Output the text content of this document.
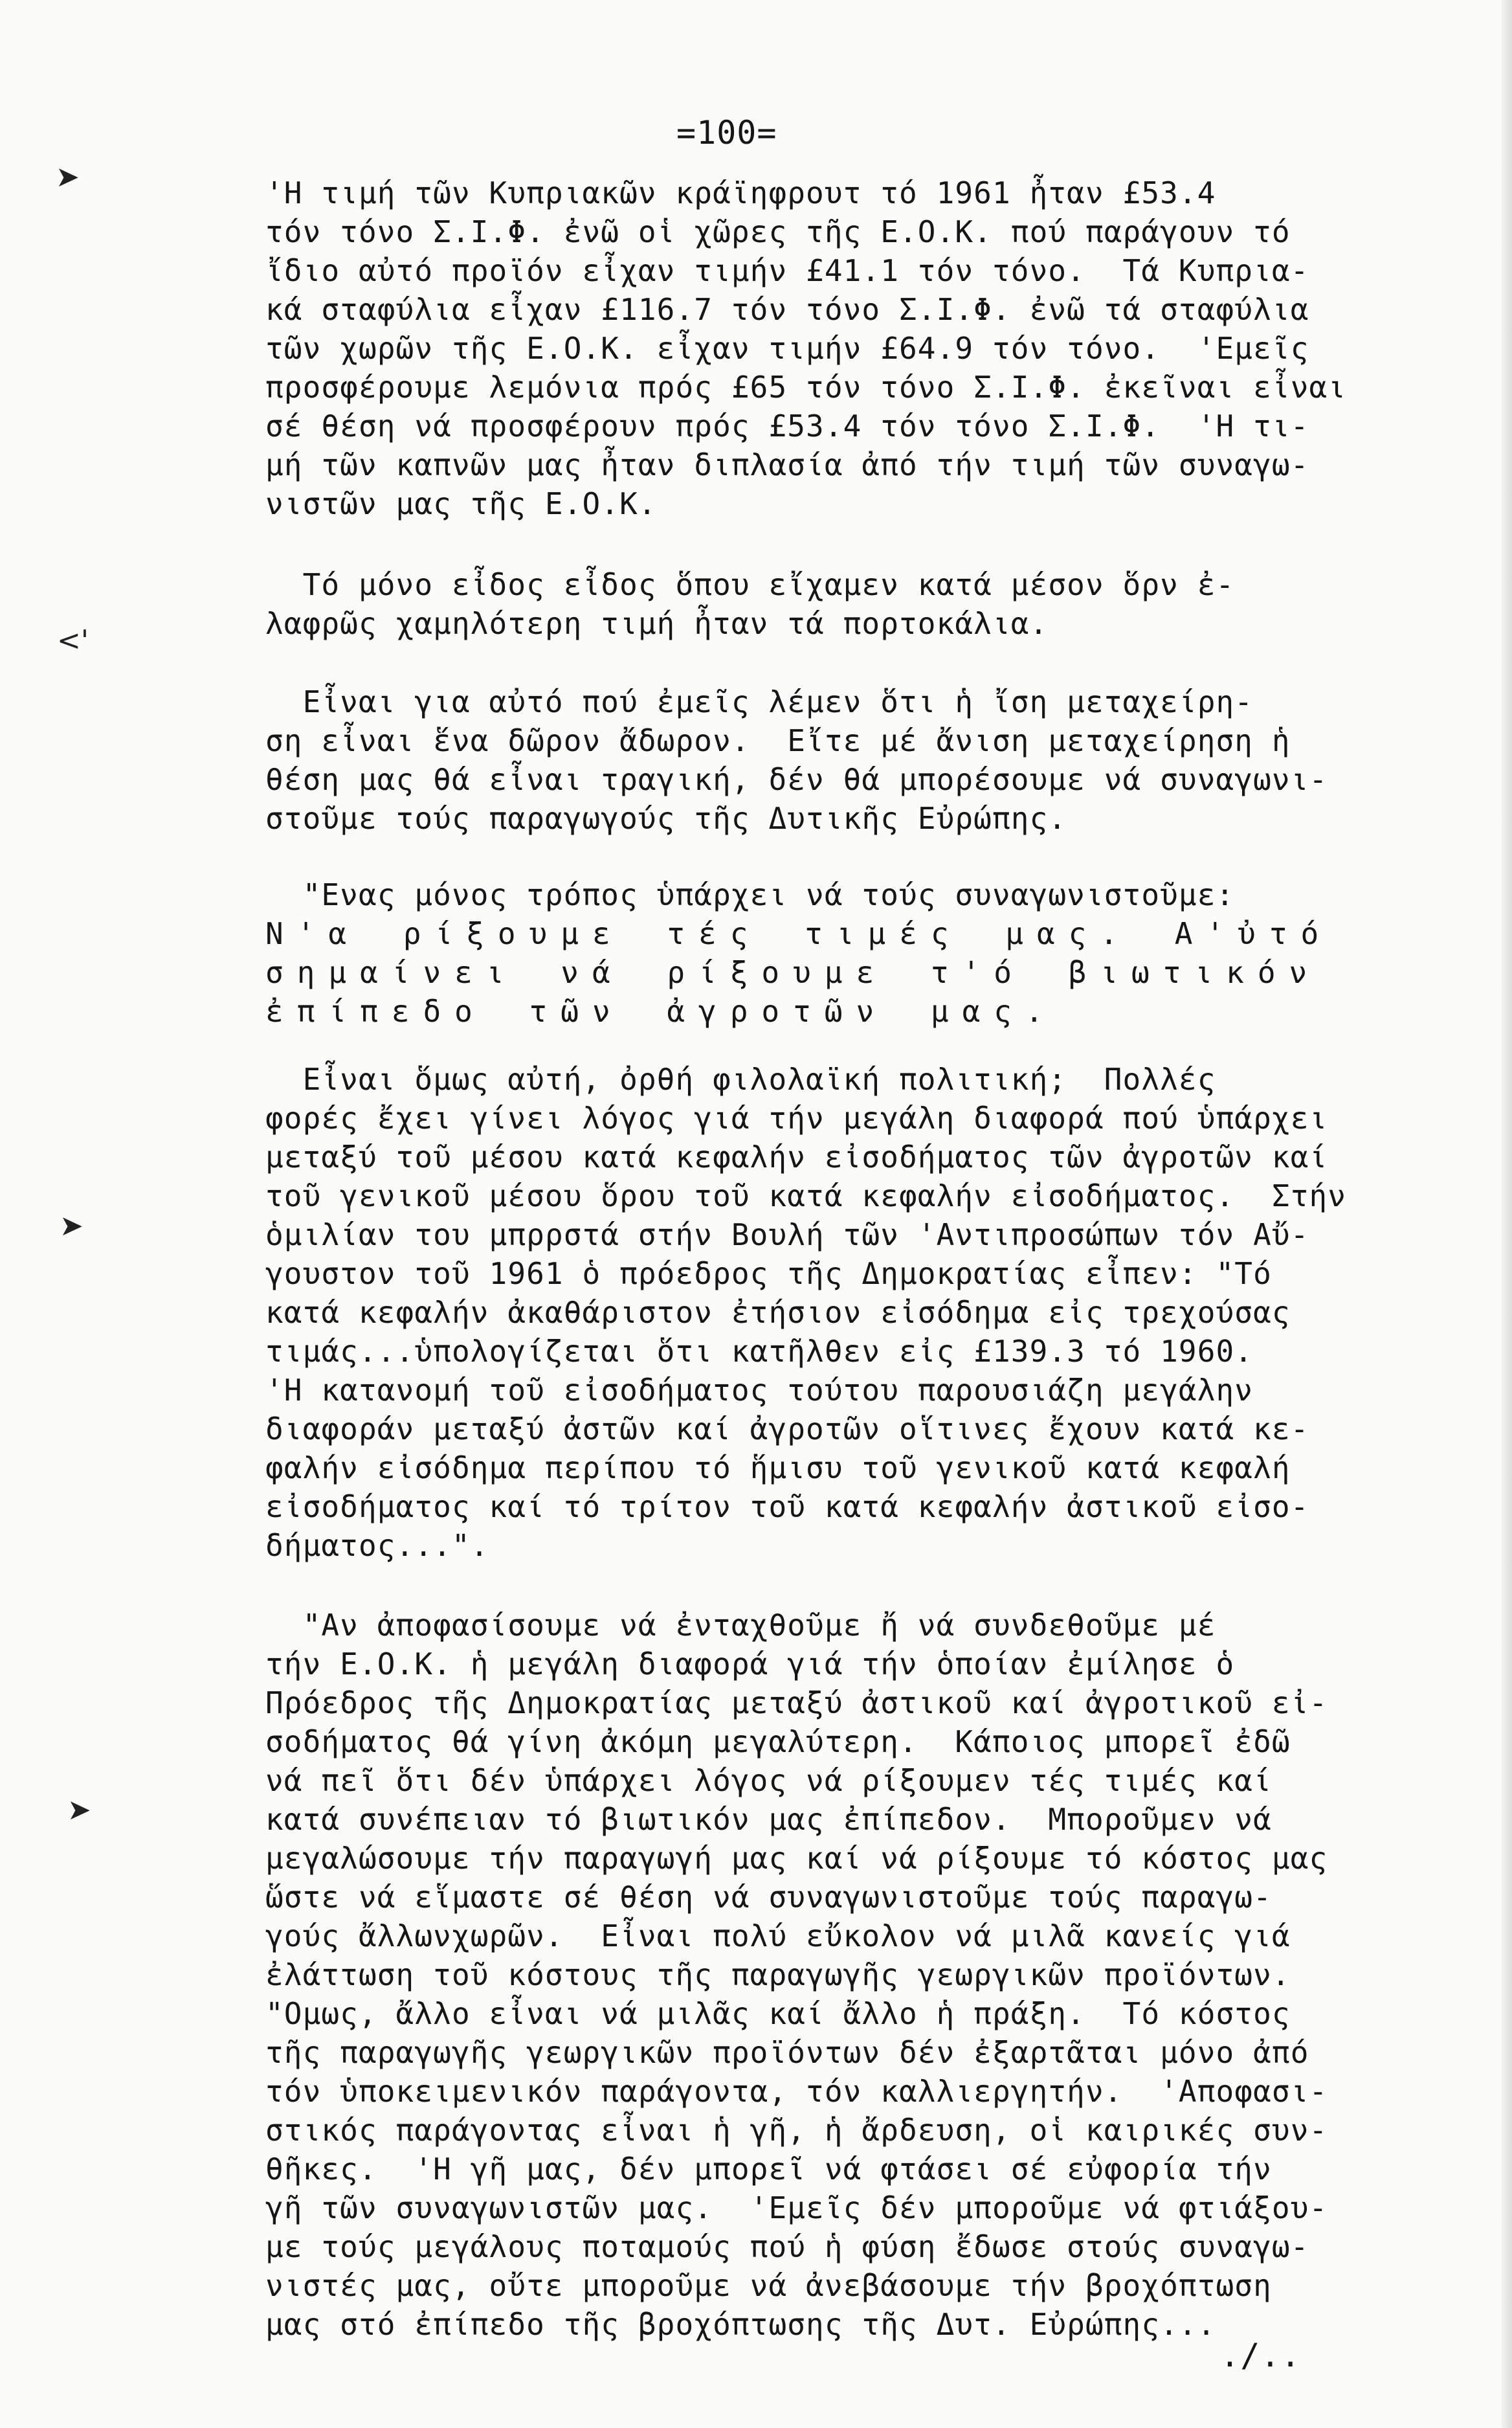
=100=
'Η τιμή τῶν Κυπριακῶν κράϊηφρουτ τό 1961 ἦταν £53.4
τόν τόνο Σ.Ι.Φ. ἐνῶ οἱ χῶρες τῆς Ε.Ο.Κ. πού παράγουν τό
ἴδιο αὐτό προϊόν εἶχαν τιμήν £41.1 τόν τόνο.  Τά Κυπρια-
κά σταφύλια εἶχαν £116.7 τόν τόνο Σ.Ι.Φ. ἐνῶ τά σταφύλια
τῶν χωρῶν τῆς Ε.Ο.Κ. εἶχαν τιμήν £64.9 τόν τόνο.  'Εμεῖς
προσφέρουμε λεμόνια πρός £65 τόν τόνο Σ.Ι.Φ. ἐκεῖναι εἶναι
σέ θέση νά προσφέρουν πρός £53.4 τόν τόνο Σ.Ι.Φ.  'Η τι-
μή τῶν καπνῶν μας ἦταν διπλασία ἀπό τήν τιμή τῶν συναγω-
νιστῶν μας τῆς Ε.Ο.Κ.
Τό μόνο εἶδος εἶδος ὅπου εἴχαμεν κατά μέσον ὅρν ἐ-
λαφρῶς χαμηλότερη τιμή ἦταν τά πορτοκάλια.
Εἶναι για αὐτό πού ἐμεῖς λέμεν ὅτι ἡ ἴση μεταχείρη-
ση εἶναι ἕνα δῶρον ἄδωρον.  Εἴτε μέ ἄνιση μεταχείρηση ἡ
θέση μας θά εἶναι τραγική, δέν θά μπορέσουμε νά συναγωνι-
στοῦμε τούς παραγωγούς τῆς Δυτικῆς Εὐρώπης.
"Ενας μόνος τρόπος ὑπάρχει νά τούς συναγωνιστοῦμε:
Ν'α ρίξουμε τές τιμές μας. Α'ὐτό
σημαίνει νά ρίξουμε τ'ό βιωτικόν
ἐπίπεδο τῶν ἀγροτῶν μας.
Εἶναι ὅμως αὐτή, ὀρθή φιλολαϊκή πολιτική;  Πολλές
φορές ἔχει γίνει λόγος γιά τήν μεγάλη διαφορά πού ὑπάρχει
μεταξύ τοῦ μέσου κατά κεφαλήν εἰσοδήματος τῶν ἀγροτῶν καί
τοῦ γενικοῦ μέσου ὅρου τοῦ κατά κεφαλήν εἰσοδήματος.  Στήν
ὁμιλίαν του μπρρστά στήν Βουλή τῶν 'Αντιπροσώπων τόν Αὔ-
γουστον τοῦ 1961 ὁ πρόεδρος τῆς Δημοκρατίας εἶπεν: "Τό
κατά κεφαλήν ἀκαθάριστον ἐτήσιον εἰσόδημα εἰς τρεχούσας
τιμάς...ὑπολογίζεται ὅτι κατῆλθεν εἰς £139.3 τό 1960.
'Η κατανομή τοῦ εἰσοδήματος τούτου παρουσιάζη μεγάλην
διαφοράν μεταξύ ἀστῶν καί ἀγροτῶν οἵτινες ἔχουν κατά κε-
φαλήν εἰσόδημα περίπου τό ἥμισυ τοῦ γενικοῦ κατά κεφαλή
εἰσοδήματος καί τό τρίτον τοῦ κατά κεφαλήν ἀστικοῦ εἰσο-
δήματος...".
"Αν ἀποφασίσουμε νά ἐνταχθοῦμε ἤ νά συνδεθοῦμε μέ
τήν Ε.Ο.Κ. ἡ μεγάλη διαφορά γιά τήν ὁποίαν ἐμίλησε ὁ
Πρόεδρος τῆς Δημοκρατίας μεταξύ ἀστικοῦ καί ἀγροτικοῦ εἰ-
σοδήματος θά γίνη ἀκόμη μεγαλύτερη.  Κάποιος μπορεῖ ἐδῶ
νά πεῖ ὅτι δέν ὑπάρχει λόγος νά ρίξουμεν τές τιμές καί
κατά συνέπειαν τό βιωτικόν μας ἐπίπεδον.  Μποροῦμεν νά
μεγαλώσουμε τήν παραγωγή μας καί νά ρίξουμε τό κόστος μας
ὥστε νά εἵμαστε σέ θέση νά συναγωνιστοῦμε τούς παραγω-
γούς ἄλλωνχωρῶν.  Εἶναι πολύ εὔκολον νά μιλᾶ κανείς γιά
ἐλάττωση τοῦ κόστους τῆς παραγωγῆς γεωργικῶν προϊόντων.
"Ομως, ἄλλο εἶναι νά μιλᾶς καί ἄλλο ἡ πράξη.  Τό κόστος
τῆς παραγωγῆς γεωργικῶν προϊόντων δέν ἐξαρτᾶται μόνο ἀπό
τόν ὑποκειμενικόν παράγοντα, τόν καλλιεργητήν.  'Αποφασι-
στικός παράγοντας εἶναι ἡ γῆ, ἡ ἄρδευση, οἱ καιρικές συν-
θῆκες.  'Η γῆ μας, δέν μπορεῖ νά φτάσει σέ εὐφορία τήν
γῆ τῶν συναγωνιστῶν μας.  'Εμεῖς δέν μποροῦμε νά φτιάξου-
με τούς μεγάλους ποταμούς πού ἡ φύση ἔδωσε στούς συναγω-
νιστές μας, οὔτε μποροῦμε νά ἀνεβάσουμε τήν βροχόπτωση
μας στό ἐπίπεδο τῆς βροχόπτωσης τῆς Δυτ. Εὐρώπης...
./..
➤
<'
➤
➤
